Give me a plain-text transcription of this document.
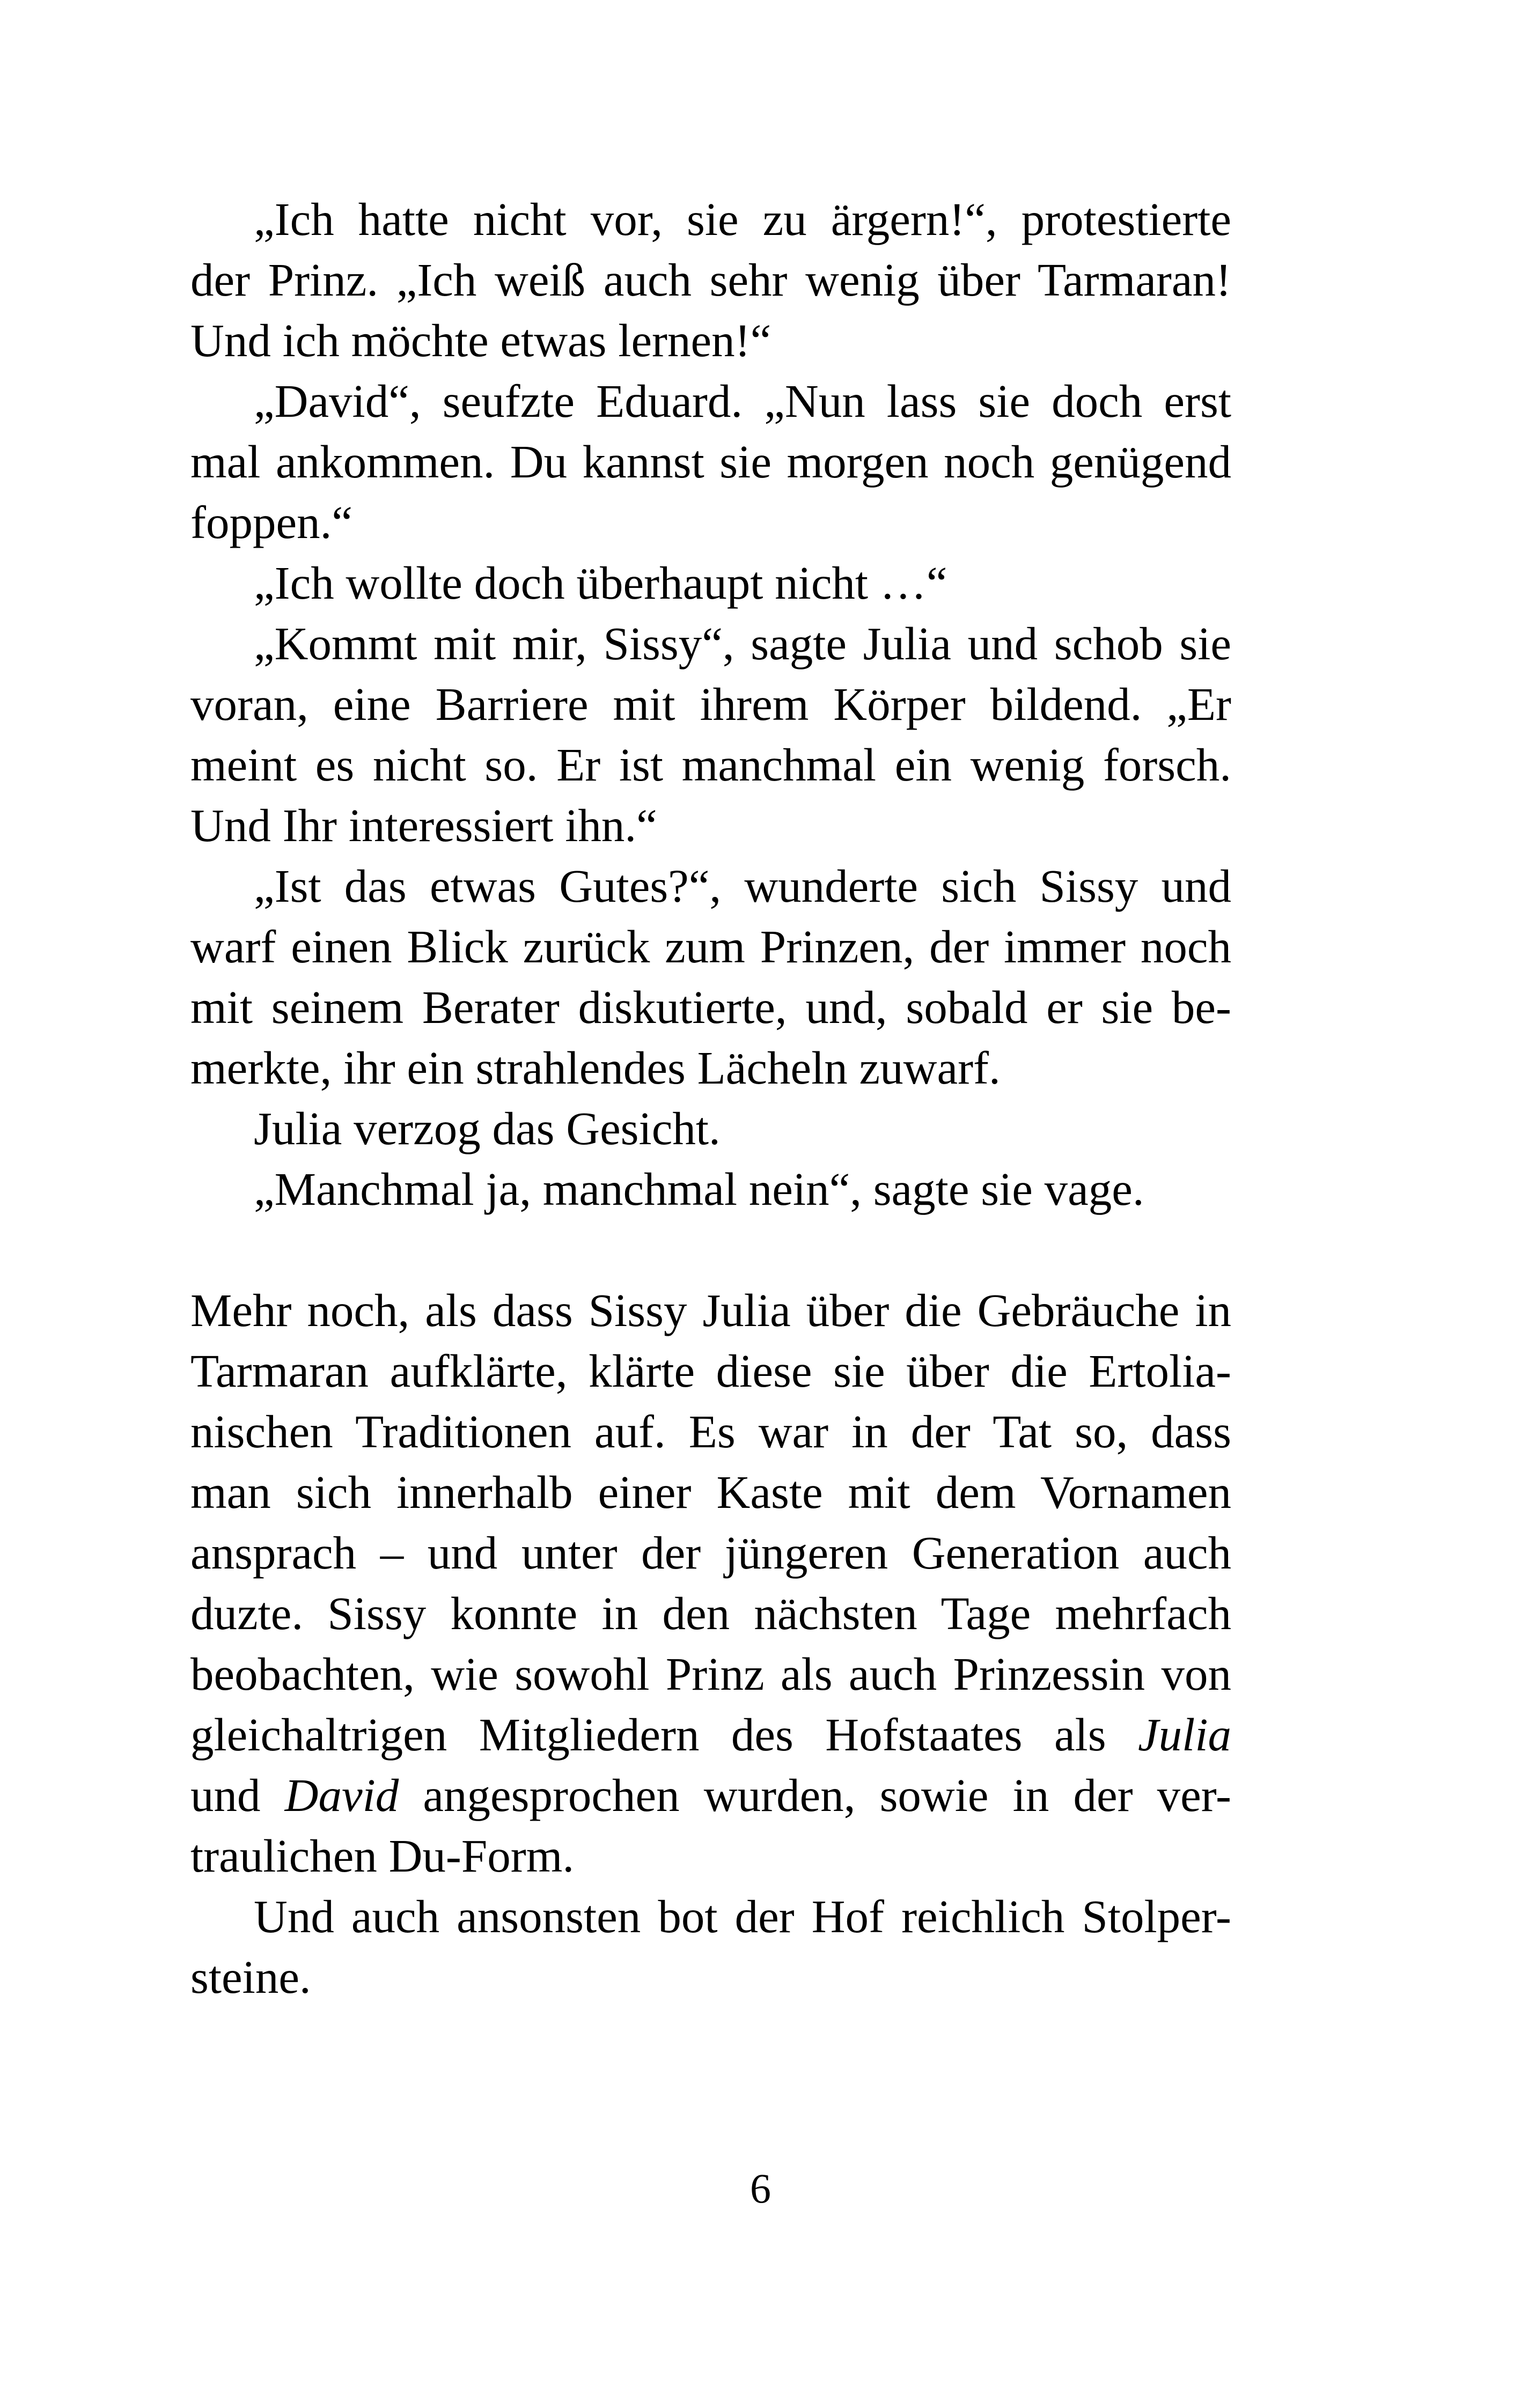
„Ich hatte nicht vor, sie zu ärgern!“, protestierte
der Prinz. „Ich weiß auch sehr wenig über Tarmaran!
Und ich möchte etwas lernen!“

„David“, seufzte Eduard. „Nun lass sie doch erst
mal ankommen. Du kannst sie morgen noch genügend
foppen.“

„Ich wollte doch überhaupt nicht …“

„Kommt mit mir, Sissy“, sagte Julia und schob sie
voran, eine Barriere mit ihrem Körper bildend. „Er
meint es nicht so. Er ist manchmal ein wenig forsch.
Und Ihr interessiert ihn.“

„Ist das etwas Gutes?“, wunderte sich Sissy und
warf einen Blick zurück zum Prinzen, der immer noch
mit seinem Berater diskutierte, und, sobald er sie be-
merkte, ihr ein strahlendes Lächeln zuwarf.

Julia verzog das Gesicht.

„Manchmal ja, manchmal nein“, sagte sie vage.

Mehr noch, als dass Sissy Julia über die Gebräuche in
Tarmaran aufklärte, klärte diese sie über die Ertolia-
nischen Traditionen auf. Es war in der Tat so, dass
man sich innerhalb einer Kaste mit dem Vornamen
ansprach – und unter der jüngeren Generation auch
duzte. Sissy konnte in den nächsten Tage mehrfach
beobachten, wie sowohl Prinz als auch Prinzessin von
gleichaltrigen Mitgliedern des Hofstaates als Julia
und David angesprochen wurden, sowie in der ver-
traulichen Du-Form.

Und auch ansonsten bot der Hof reichlich Stolper-
steine.

6
